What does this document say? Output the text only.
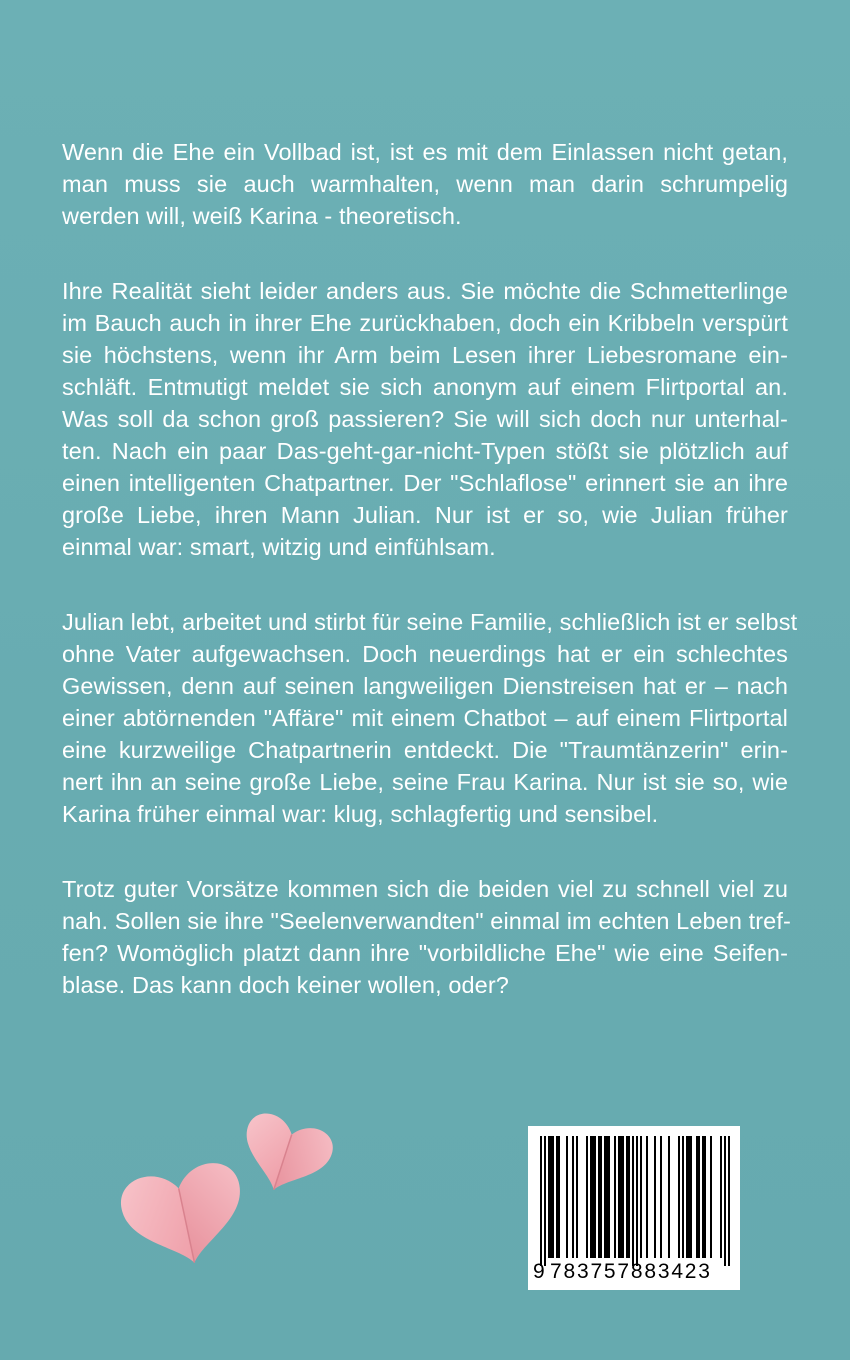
Wenn die Ehe ein Vollbad ist, ist es mit dem Einlassen nicht getan,
man muss sie auch warmhalten, wenn man darin schrumpelig
werden will, weiß Karina - theoretisch.
Ihre Realität sieht leider anders aus. Sie möchte die Schmetterlinge
im Bauch auch in ihrer Ehe zurückhaben, doch ein Kribbeln verspürt
sie höchstens, wenn ihr Arm beim Lesen ihrer Liebesromane ein-
schläft. Entmutigt meldet sie sich anonym auf einem Flirtportal an.
Was soll da schon groß passieren? Sie will sich doch nur unterhal-
ten. Nach ein paar Das-geht-gar-nicht-Typen stößt sie plötzlich auf
einen intelligenten Chatpartner. Der "Schlaflose" erinnert sie an ihre
große Liebe, ihren Mann Julian. Nur ist er so, wie Julian früher
einmal war: smart, witzig und einfühlsam.
Julian lebt, arbeitet und stirbt für seine Familie, schließlich ist er selbst
ohne Vater aufgewachsen. Doch neuerdings hat er ein schlechtes
Gewissen, denn auf seinen langweiligen Dienstreisen hat er – nach
einer abtörnenden "Affäre" mit einem Chatbot – auf einem Flirtportal
eine kurzweilige Chatpartnerin entdeckt. Die "Traumtänzerin" erin-
nert ihn an seine große Liebe, seine Frau Karina. Nur ist sie so, wie
Karina früher einmal war: klug, schlagfertig und sensibel.
Trotz guter Vorsätze kommen sich die beiden viel zu schnell viel zu
nah. Sollen sie ihre "Seelenverwandten" einmal im echten Leben tref-
fen? Womöglich platzt dann ihre "vorbildliche Ehe" wie eine Seifen-
blase. Das kann doch keiner wollen, oder?
9 783757883423
